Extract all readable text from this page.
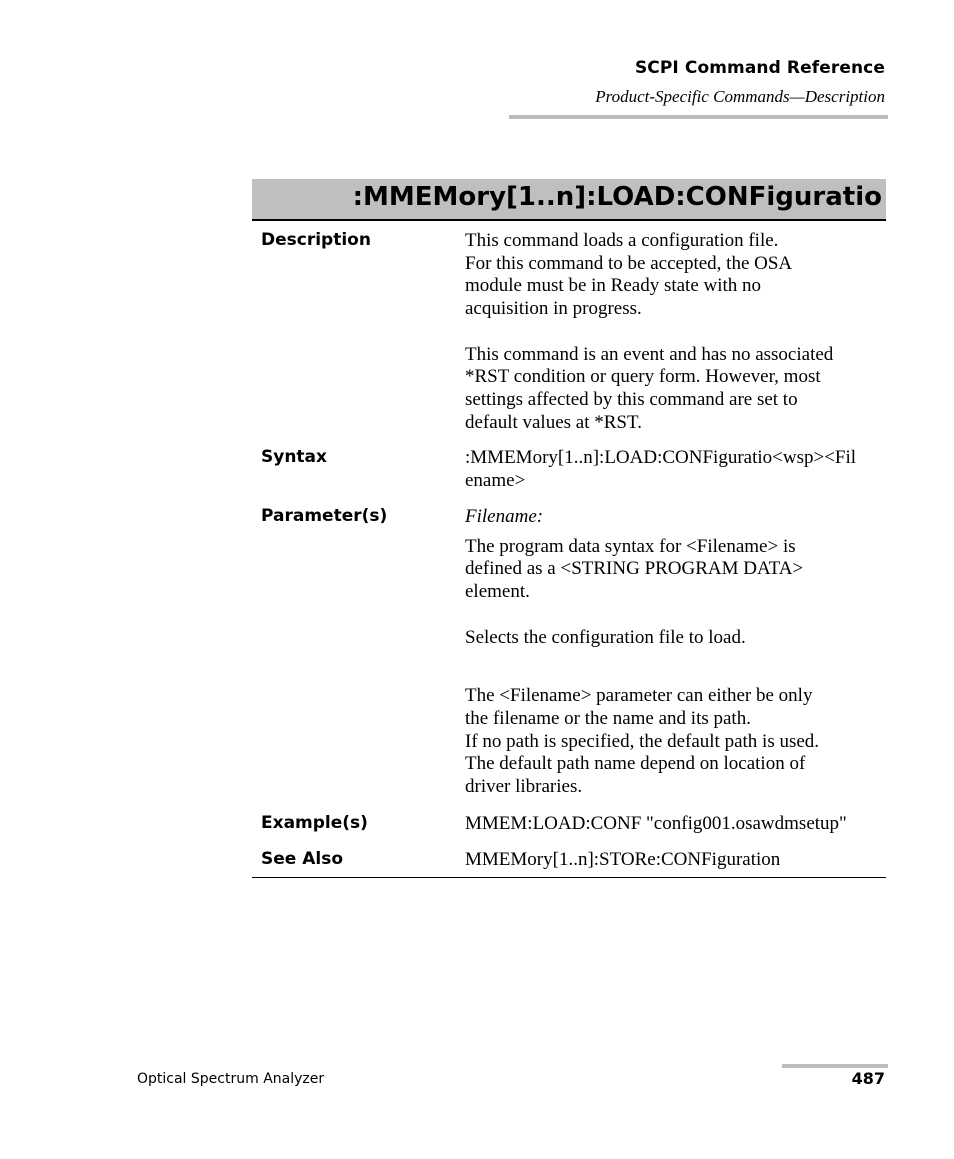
SCPI Command Reference
Product-Specific Commands—Description
:MMEMory[1..n]:LOAD:CONFiguratio
Description	This command loads a configuration file.
For this command to be accepted, the OSA
module must be in Ready state with no
acquisition in progress.
This command is an event and has no associated
*RST condition or query form. However, most
settings affected by this command are set to
default values at *RST.
Syntax	:MMEMory[1..n]:LOAD:CONFiguratio<wsp><Fil
ename>
Parameter(s)	Filename:
The program data syntax for <Filename> is
defined as a <STRING PROGRAM DATA>
element.
Selects the configuration file to load.
The <Filename> parameter can either be only
the filename or the name and its path.
If no path is specified, the default path is used.
The default path name depend on location of
driver libraries.
Example(s)	MMEM:LOAD:CONF "config001.osawdmsetup"
See Also	MMEMory[1..n]:STORe:CONFiguration
Optical Spectrum Analyzer	487
